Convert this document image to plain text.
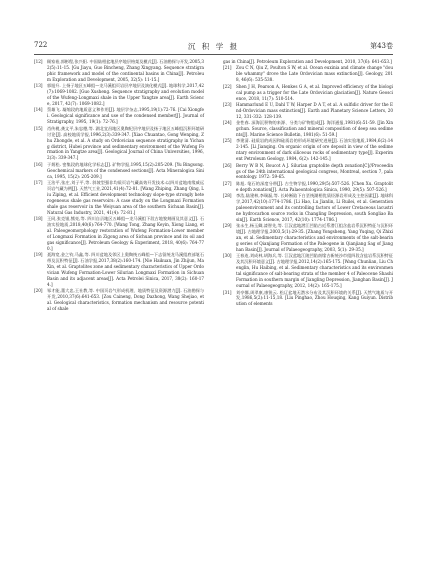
722	沉 积 学 报	第43卷
[12] 顾家裕,郭彬程,张兴阳. 中国陆相盆地层序地层格架及模式[J]. 石油勘探与开发,2005,32(5):11-15. [Gu Jiayu, Guo Bincheng, Zhang Xingyang. Sequence stratigraphic framework and model of the continental basins in China[J]. Petroleum Exploration and Development, 2005, 32(5): 11-15.]
[13] 郭旭升. 上扬子地区五峰组—龙马溪组页岩层序地层及演化模式[J]. 地球科学,2017,42(7):1069-1082. [Guo Xusheng. Sequence stratigraphy and evolution model of the Wufeng-Longmaxi shale in the Upper Yangtze area[J]. Earth Science, 2017, 42(7): 1069-1082.]
[14] 蔡雄飞. 凝缩段的地质意义和作用[J]. 地层学杂志,1995,19(1):72-76. [Cai Xiongfei. Geological significance and use of the condensed member[J]. Journal of Stratigraphy, 1995, 19(1): 72-76.]
[15] 肖传桃,龚文平,朱忠德,等. 湖北宜昌地区奥陶纪层序地层及扬子地区五峰组沉积环境研讨论[J]. 高校地质学报,1996,2(3):339-347. [Xiao Chuantao, Gong Wenping, Zhu Zhongde, et al. A study on Ordovician sequence stratigraphy in Yichang district, Hubei province and sedimentary environment of the Wufeng Formation in Yangtze area[J]. Geological Journal of China Universities, 1996, 2(3): 339-347.]
[16] 于炳松. 密集段的地球化学标志[J]. 矿物学报,1995,15(2):205-209. [Yu Bingsong. Geochemical markers of the condensed sections[J]. Acta Mineralogica Sinica, 1995, 15(2): 205-209.]
[17] 王治平,张庄,刘子平,等. 斜坡型强非均质页岩气藏高效开发技术:以四川盆地南缘威远页岩气藏为例[J]. 天然气工业,2021,41(4):72-81. [Wang Zhiping, Zhang Qing, Liu Ziping, et al. Efficient development technology slope-type strongly heterogeneous shale gas reservoirs: A case study on the Longmaxi Formation shale gas reservoir in the Weiyuan area of the southern Sichuan Basin[J]. Natural Gas Industry, 2021, 41(4): 72-81.]
[18] 王同,张克银,熊亮,等. 四川自贡地区五峰组—龙马溪组下段古地貌刻画及其意义[J]. 石油实验地质,2018,40(6):764-770. [Wang Tong, Zhang Keyin, Xiong Liang, et al. Paleogeomorphology restoration of Wufeng Formation-Lower member of Longmaxi Formation in Zigong area of Sichuan province and its oil and gas significance[J]. Petroleum Geology & Experiment, 2018, 40(6): 764-770.]
[19] 聂海宽,金之钧,马鑫,等. 四川盆地及邻区上奥陶统五峰组—下志留统龙马溪组底部笔石带及沉积特征[J]. 石油学报,2017,38(2):160-174. [Nie Haikuan, Jin Zhijun, Ma Xin, et al. Graptolites zone and sedimentary characteristics of Upper Ordovician Wufeng Formation-Lower Silurian Longmaxi Formation in Sichuan Basin and its adjacent areas[J]. Acta Petrolei Sinica, 2017, 38(2): 160-174.]
[20] 邹才能,董大忠,王社教,等. 中国页岩气形成机理、地质特征及资源潜力[J]. 石油勘探与开发,2010,37(6):641-653. [Zou Caineng, Dong Dazhong, Wang Shejiao, et al. Geological characteristics, formation mechanism and resource potential of shale
gas in China[J]. Petroleum Exploration and Development, 2010, 37(6): 641-653.]
[21] Zou C N, Qiu Z, Poulton S W, et al. Ocean euxinia and climate change "double whammy" drove the Late Ordovician mass extinction[J]. Geology, 2018, 46(6): 535-538.
[22] Shen J H, Pearson A, Henkes G A, et al. Improved efficiency of the biological pump as a trigger for the Late Ordovician glaciation[J]. Nature Geoscience, 2018, 11(7): 510-514.
[23] Hammarlund E U, Dahl T W, Harper D A T, et al. A sulfidic driver for the End-Ordovician mass extinction[J]. Earth and Planetary Science Letters, 2012, 331-332: 128-139.
[24] 金性春. 深海沉积物的来源、分类与矿物组成[J]. 海洋通报,1981(6):51-59. [Jin Xingchun. Source, classification and mineral composition of deep sea sediments[J]. Marine Science Bulletin, 1981(6): 51-59.]
[25] 李建清. 硅质岩的成因和硅质岩的形成环境研究进展[J]. 石油实验地质,1984,6(2):142-145. [Li Jianqing. On organic origin of ore deposit in view of the sedimentary environment of dark siliceous rocks of sedimentary type[J]. Experiment Petroleum Geology, 1984, 6(2): 142-145.]
[26] Berry W B N, Boucot A J. Silurian graptolite depth zonation[C]//Proceedings of the 24th international geological congress, Montreal, section 7, palaeontology. 1972: 59-65.
[27] 陈旭. 笔石的深度分带[J]. 古生物学报,1990,29(5):507-526. [Chen Xu. Graptolite depth zonation[J]. Acta Palaeontologica Sinica, 1990, 29(5): 507-526.]
[28] 李浩,陆建林,李瑞磊,等. 长岭断陷下白垩统湖相优质烃源岩形成及主控因素[J]. 地球科学,2017,42(10):1774-1786. [Li Hao, Lu Jianlin, Li Ruilei, et al. Generation paleoenvironment and its controlling factors of Lower Cretaceous lacustrine hydrocarbon source rocks in Changling Depression, south Songliao Basin[J]. Earth Science, 2017, 42(10): 1774-1786.]
[29] 张永生,杨玉卿,漆智先,等. 江汉盆地潜江凹陷古近系潜江组含盐岩系沉积特征与沉积环境[J]. 古地理学报,2003,5(1):29-35. [Zhang Yongsheng, Yang Yuqing, Qi Zhixian, et al. Sedimentary characteristics and environments of the salt-bearing series of Qianjiang Formation of the Paleogene in Qianjiang Sag of Jianghan Basin[J]. Journal of Palaeogeography, 2003, 5(1): 29-35.]
[30] 王春连,刘成林,胡海兵,等. 江汉盆地江陵凹陷南缘古新统沙市组四段含盐岩系沉积特征及其沉积环境意义[J]. 古地理学报,2012,14(2):165-175. [Wang Chunlian, Liu Chenglin, Hu Haibing, et al. Sedimentary characteristics and its environmental significance of salt-bearing strata of the member 4 of Paleocene Shashi Formation in southern margin of Jiangling Depression, Jianghan Basin[J]. Journal of Palaeogeography, 2012, 14(2): 165-175.]
[31] 刘亭娜,周翠康,康锐云. 松辽盆地无潜水分布及其沉积环境的关系[J]. 天然气地质与开发,1986,5(2):11-15,18. [Liu Pinghao, Zhou Houqing, Kang Guiyun. Distribution of elements
